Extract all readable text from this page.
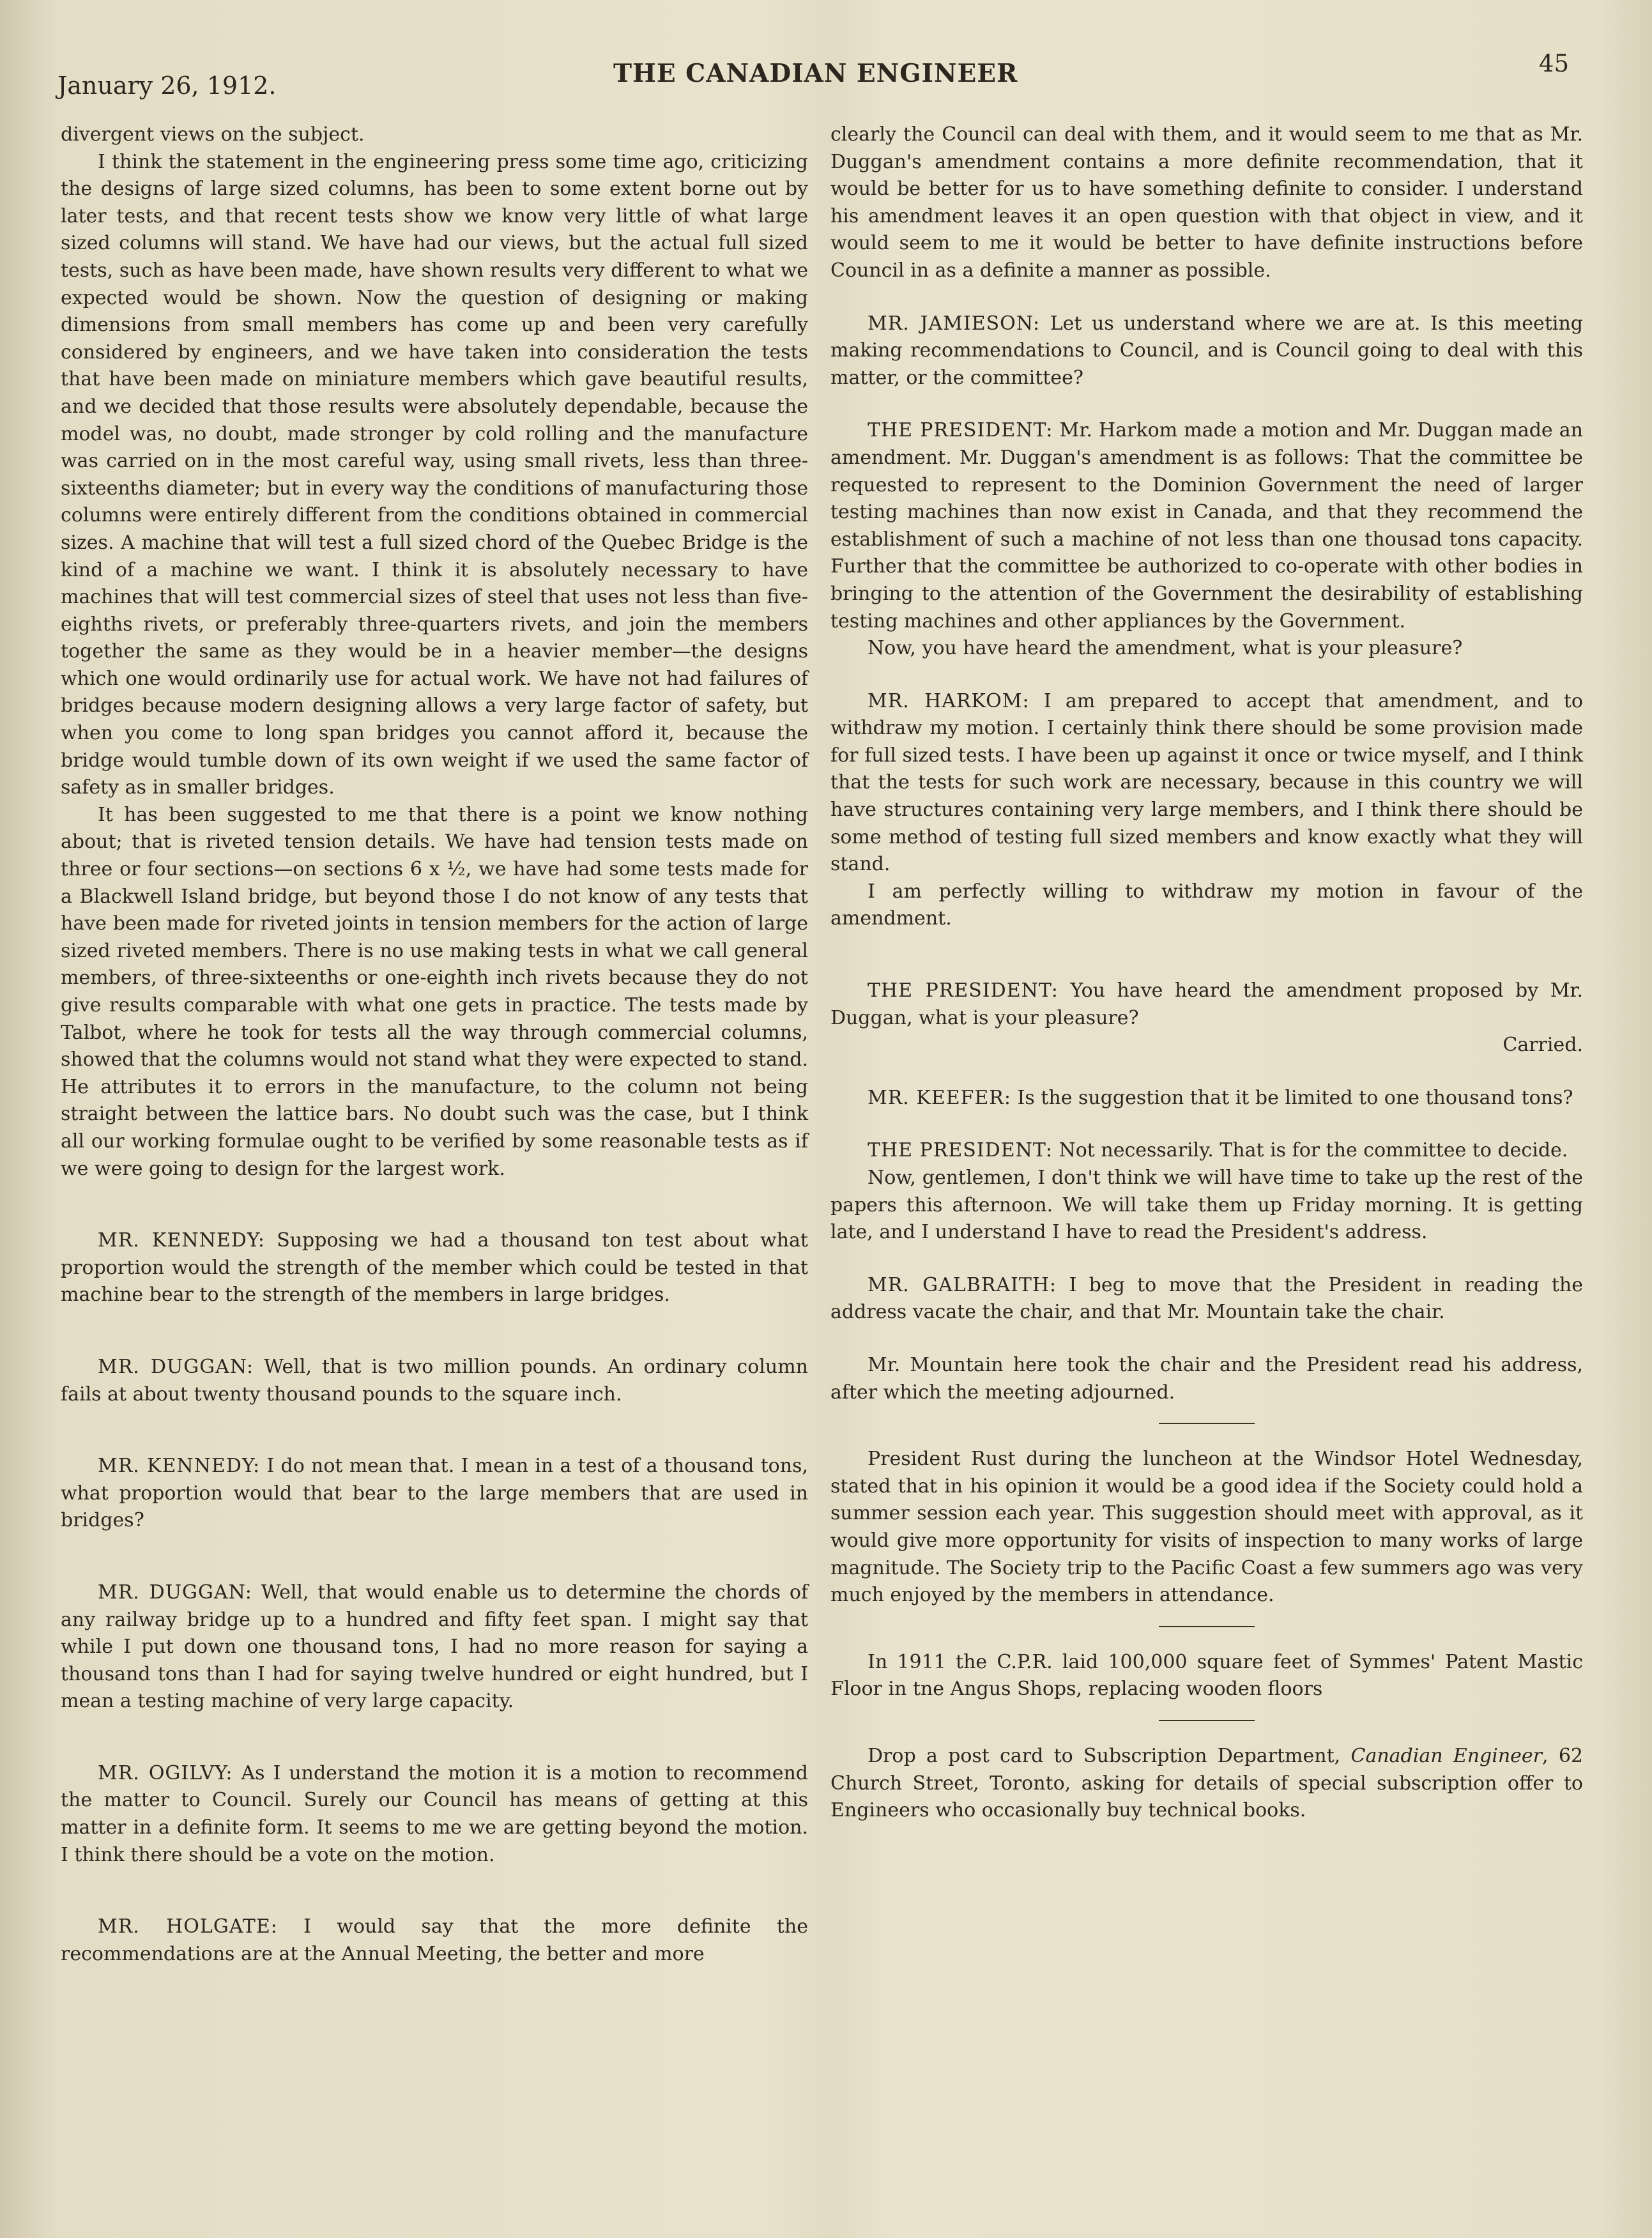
January 26, 1912.	THE CANADIAN ENGINEER	45

divergent views on the subject.

I think the statement in the engineering press some time ago, criticizing the designs of large sized columns, has been to some extent borne out by later tests, and that recent tests show we know very little of what large sized columns will stand. We have had our views, but the actual full sized tests, such as have been made, have shown results very different to what we expected would be shown. Now the question of designing or making dimensions from small members has come up and been very carefully considered by engineers, and we have taken into consideration the tests that have been made on miniature members which gave beautiful results, and we decided that those results were absolutely dependable, because the model was, no doubt, made stronger by cold rolling and the manufacture was carried on in the most careful way, using small rivets, less than three-sixteenths diameter; but in every way the conditions of manufacturing those columns were entirely different from the conditions obtained in commercial sizes. A machine that will test a full sized chord of the Quebec Bridge is the kind of a machine we want. I think it is absolutely necessary to have machines that will test commercial sizes of steel that uses not less than five-eighths rivets, or preferably three-quarters rivets, and join the members together the same as they would be in a heavier member—the designs which one would ordinarily use for actual work. We have not had failures of bridges because modern designing allows a very large factor of safety, but when you come to long span bridges you cannot afford it, because the bridge would tumble down of its own weight if we used the same factor of safety as in smaller bridges.

It has been suggested to me that there is a point we know nothing about; that is riveted tension details. We have had tension tests made on three or four sections—on sections 6 x ½, we have had some tests made for a Blackwell Island bridge, but beyond those I do not know of any tests that have been made for riveted joints in tension members for the action of large sized riveted members. There is no use making tests in what we call general members, of three-sixteenths or one-eighth inch rivets because they do not give results comparable with what one gets in practice. The tests made by Talbot, where he took for tests all the way through commercial columns, showed that the columns would not stand what they were expected to stand. He attributes it to errors in the manufacture, to the column not being straight between the lattice bars. No doubt such was the case, but I think all our working formulae ought to be verified by some reasonable tests as if we were going to design for the largest work.

MR. KENNEDY: Supposing we had a thousand ton test about what proportion would the strength of the member which could be tested in that machine bear to the strength of the members in large bridges.

MR. DUGGAN: Well, that is two million pounds. An ordinary column fails at about twenty thousand pounds to the square inch.

MR. KENNEDY: I do not mean that. I mean in a test of a thousand tons, what proportion would that bear to the large members that are used in bridges?

MR. DUGGAN: Well, that would enable us to determine the chords of any railway bridge up to a hundred and fifty feet span. I might say that while I put down one thousand tons, I had no more reason for saying a thousand tons than I had for saying twelve hundred or eight hundred, but I mean a testing machine of very large capacity.

MR. OGILVY: As I understand the motion it is a motion to recommend the matter to Council. Surely our Council has means of getting at this matter in a definite form. It seems to me we are getting beyond the motion. I think there should be a vote on the motion.

MR. HOLGATE: I would say that the more definite the recommendations are at the Annual Meeting, the better and more

clearly the Council can deal with them, and it would seem to me that as Mr. Duggan's amendment contains a more definite recommendation, that it would be better for us to have something definite to consider. I understand his amendment leaves it an open question with that object in view, and it would seem to me it would be better to have definite instructions before Council in as a definite a manner as possible.

MR. JAMIESON: Let us understand where we are at. Is this meeting making recommendations to Council, and is Council going to deal with this matter, or the committee?

THE PRESIDENT: Mr. Harkom made a motion and Mr. Duggan made an amendment. Mr. Duggan's amendment is as follows: That the committee be requested to represent to the Dominion Government the need of larger testing machines than now exist in Canada, and that they recommend the establishment of such a machine of not less than one thousad tons capacity. Further that the committee be authorized to co-operate with other bodies in bringing to the attention of the Government the desirability of establishing testing machines and other appliances by the Government.

Now, you have heard the amendment, what is your pleasure?

MR. HARKOM: I am prepared to accept that amendment, and to withdraw my motion. I certainly think there should be some provision made for full sized tests. I have been up against it once or twice myself, and I think that the tests for such work are necessary, because in this country we will have structures containing very large members, and I think there should be some method of testing full sized members and know exactly what they will stand.

I am perfectly willing to withdraw my motion in favour of the amendment.

THE PRESIDENT: You have heard the amendment proposed by Mr. Duggan, what is your pleasure?

Carried.

MR. KEEFER: Is the suggestion that it be limited to one thousand tons?

THE PRESIDENT: Not necessarily. That is for the committee to decide.

Now, gentlemen, I don't think we will have time to take up the rest of the papers this afternoon. We will take them up Friday morning. It is getting late, and I understand I have to read the President's address.

MR. GALBRAITH: I beg to move that the President in reading the address vacate the chair, and that Mr. Mountain take the chair.

Mr. Mountain here took the chair and the President read his address, after which the meeting adjourned.

President Rust during the luncheon at the Windsor Hotel Wednesday, stated that in his opinion it would be a good idea if the Society could hold a summer session each year. This suggestion should meet with approval, as it would give more opportunity for visits of inspection to many works of large magnitude. The Society trip to the Pacific Coast a few summers ago was very much enjoyed by the members in attendance.

In 1911 the C.P.R. laid 100,000 square feet of Symmes' Patent Mastic Floor in tne Angus Shops, replacing wooden floors

Drop a post card to Subscription Department, Canadian Engineer, 62 Church Street, Toronto, asking for details of special subscription offer to Engineers who occasionally buy technical books.
